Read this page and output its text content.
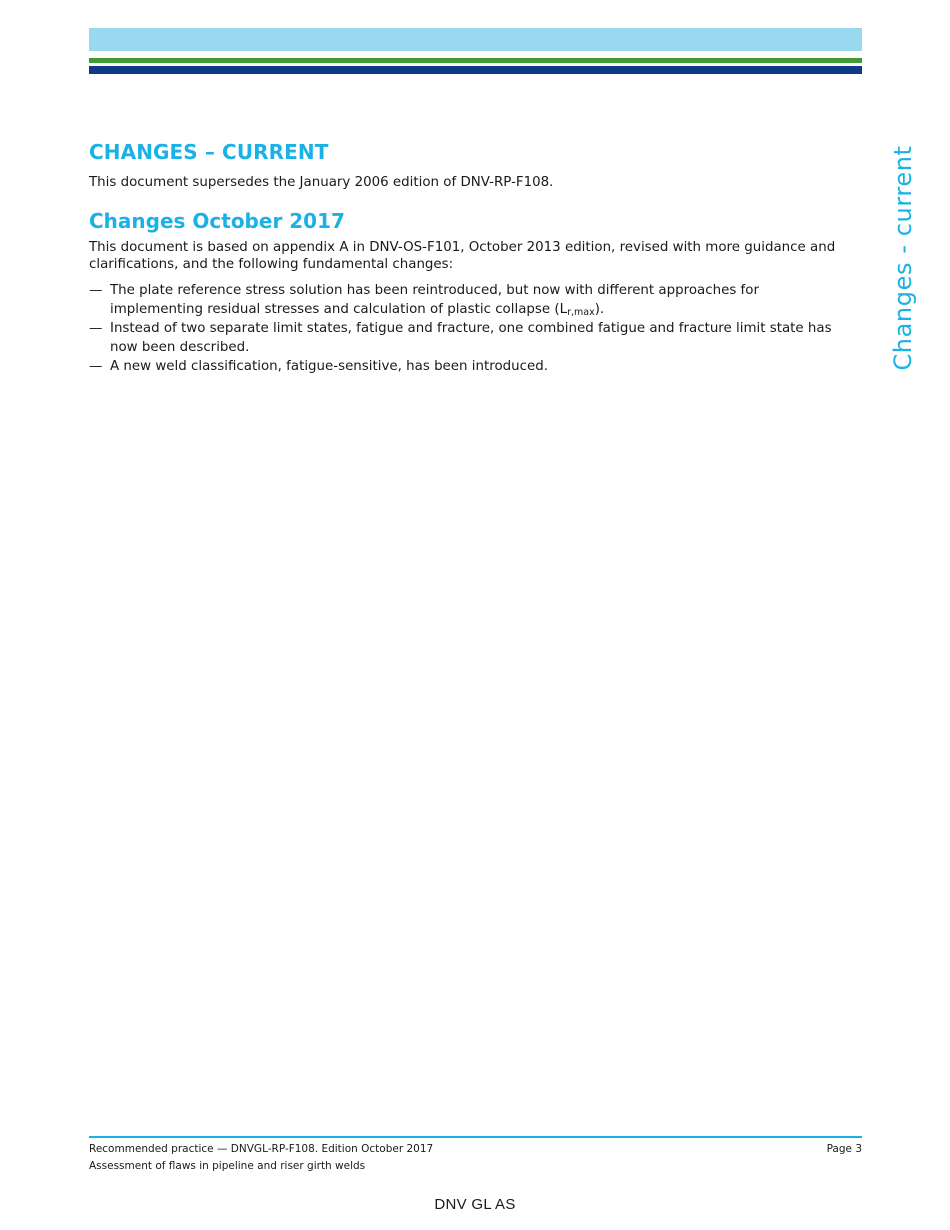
CHANGES – CURRENT

This document supersedes the January 2006 edition of DNV-RP-F108.

Changes October 2017

This document is based on appendix A in DNV-OS-F101, October 2013 edition, revised with more guidance and clarifications, and the following fundamental changes:

— The plate reference stress solution has been reintroduced, but now with different approaches for implementing residual stresses and calculation of plastic collapse $(L_{r,max})$.
— Instead of two separate limit states, fatigue and fracture, one combined fatigue and fracture limit state has now been described.
— A new weld classification, fatigue-sensitive, has been introduced.	Changes - current
Recommended practice — DNVGL-RP-F108. Edition October 2017	Page 3
Assessment of flaws in pipeline and riser girth welds
DNV GL AS
